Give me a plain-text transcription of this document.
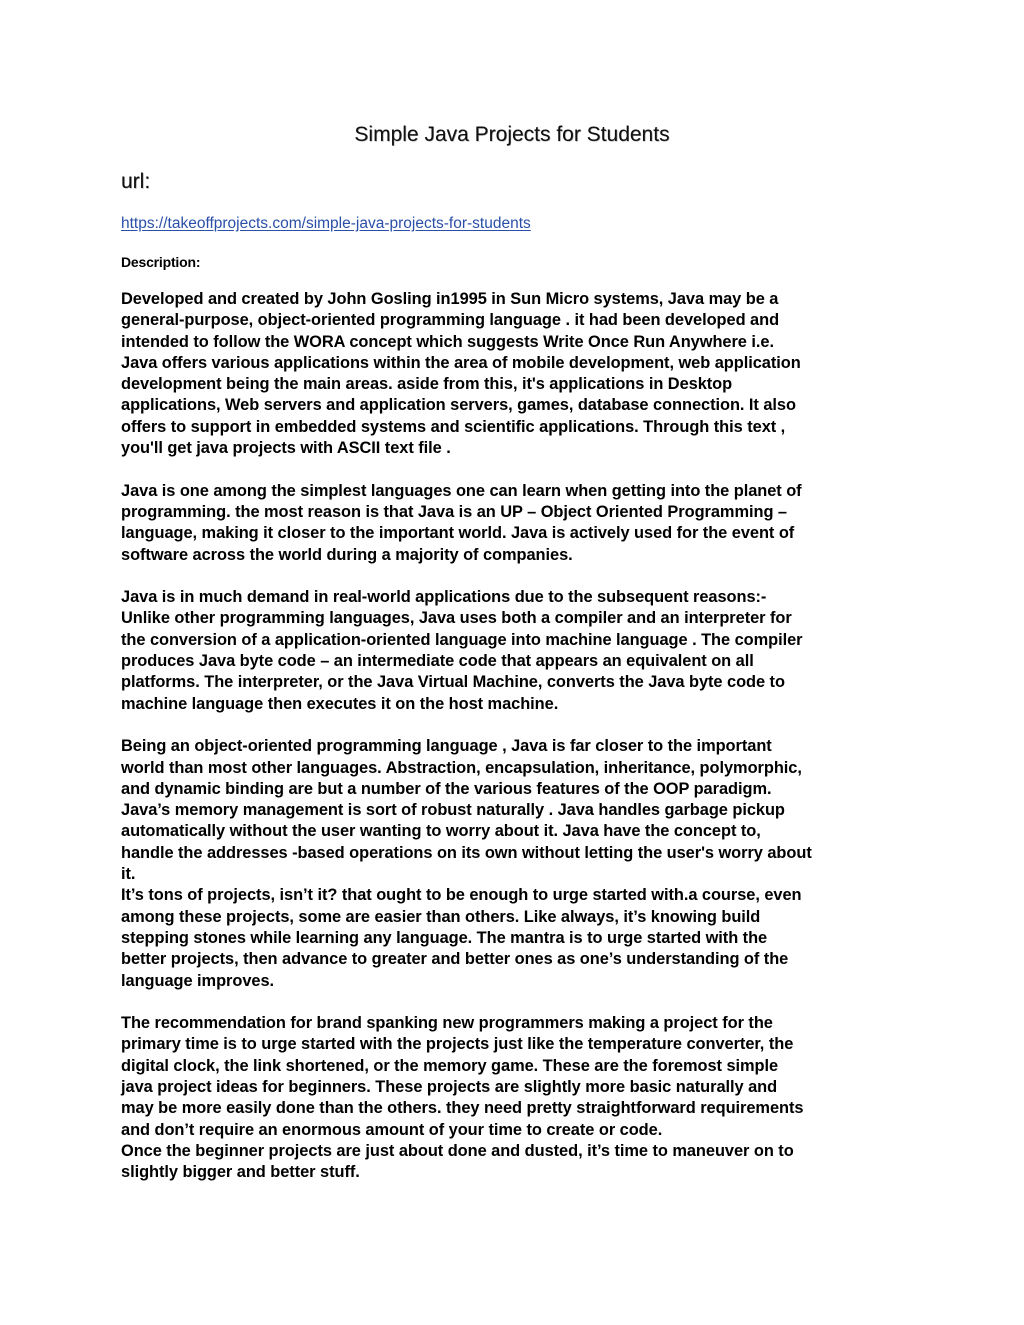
Simple Java Projects for Students
url:
https://takeoffprojects.com/simple-java-projects-for-students
Description:
Developed and created by John Gosling in1995 in Sun Micro systems, Java may be a
general-purpose, object-oriented programming language . it had been developed and
intended to follow the WORA concept which suggests Write Once Run Anywhere i.e.
Java offers various applications within the area of mobile development, web application
development being the main areas. aside from this, it's applications in Desktop
applications, Web servers and application servers, games, database connection. It also
offers to support in embedded systems and scientific applications. Through this text ,
you'll get java projects with ASCII text file .
Java is one among the simplest languages one can learn when getting into the planet of
programming. the most reason is that Java is an UP – Object Oriented Programming –
language, making it closer to the important world. Java is actively used for the event of
software across the world during a majority of companies.
Java is in much demand in real-world applications due to the subsequent reasons:-
Unlike other programming languages, Java uses both a compiler and an interpreter for
the conversion of a application-oriented language into machine language . The compiler
produces Java byte code – an intermediate code that appears an equivalent on all
platforms. The interpreter, or the Java Virtual Machine, converts the Java byte code to
machine language then executes it on the host machine.
Being an object-oriented programming language , Java is far closer to the important
world than most other languages. Abstraction, encapsulation, inheritance, polymorphic,
and dynamic binding are but a number of the various features of the OOP paradigm.
Java’s memory management is sort of robust naturally . Java handles garbage pickup
automatically without the user wanting to worry about it. Java have the concept to,
handle the addresses -based operations on its own without letting the user's worry about
it.
It’s tons of projects, isn’t it? that ought to be enough to urge started with.a course, even
among these projects, some are easier than others. Like always, it’s knowing build
stepping stones while learning any language. The mantra is to urge started with the
better projects, then advance to greater and better ones as one’s understanding of the
language improves.
The recommendation for brand spanking new programmers making a project for the
primary time is to urge started with the projects just like the temperature converter, the
digital clock, the link shortened, or the memory game. These are the foremost simple
java project ideas for beginners. These projects are slightly more basic naturally and
may be more easily done than the others. they need pretty straightforward requirements
and don’t require an enormous amount of your time to create or code.
Once the beginner projects are just about done and dusted, it’s time to maneuver on to
slightly bigger and better stuff.
